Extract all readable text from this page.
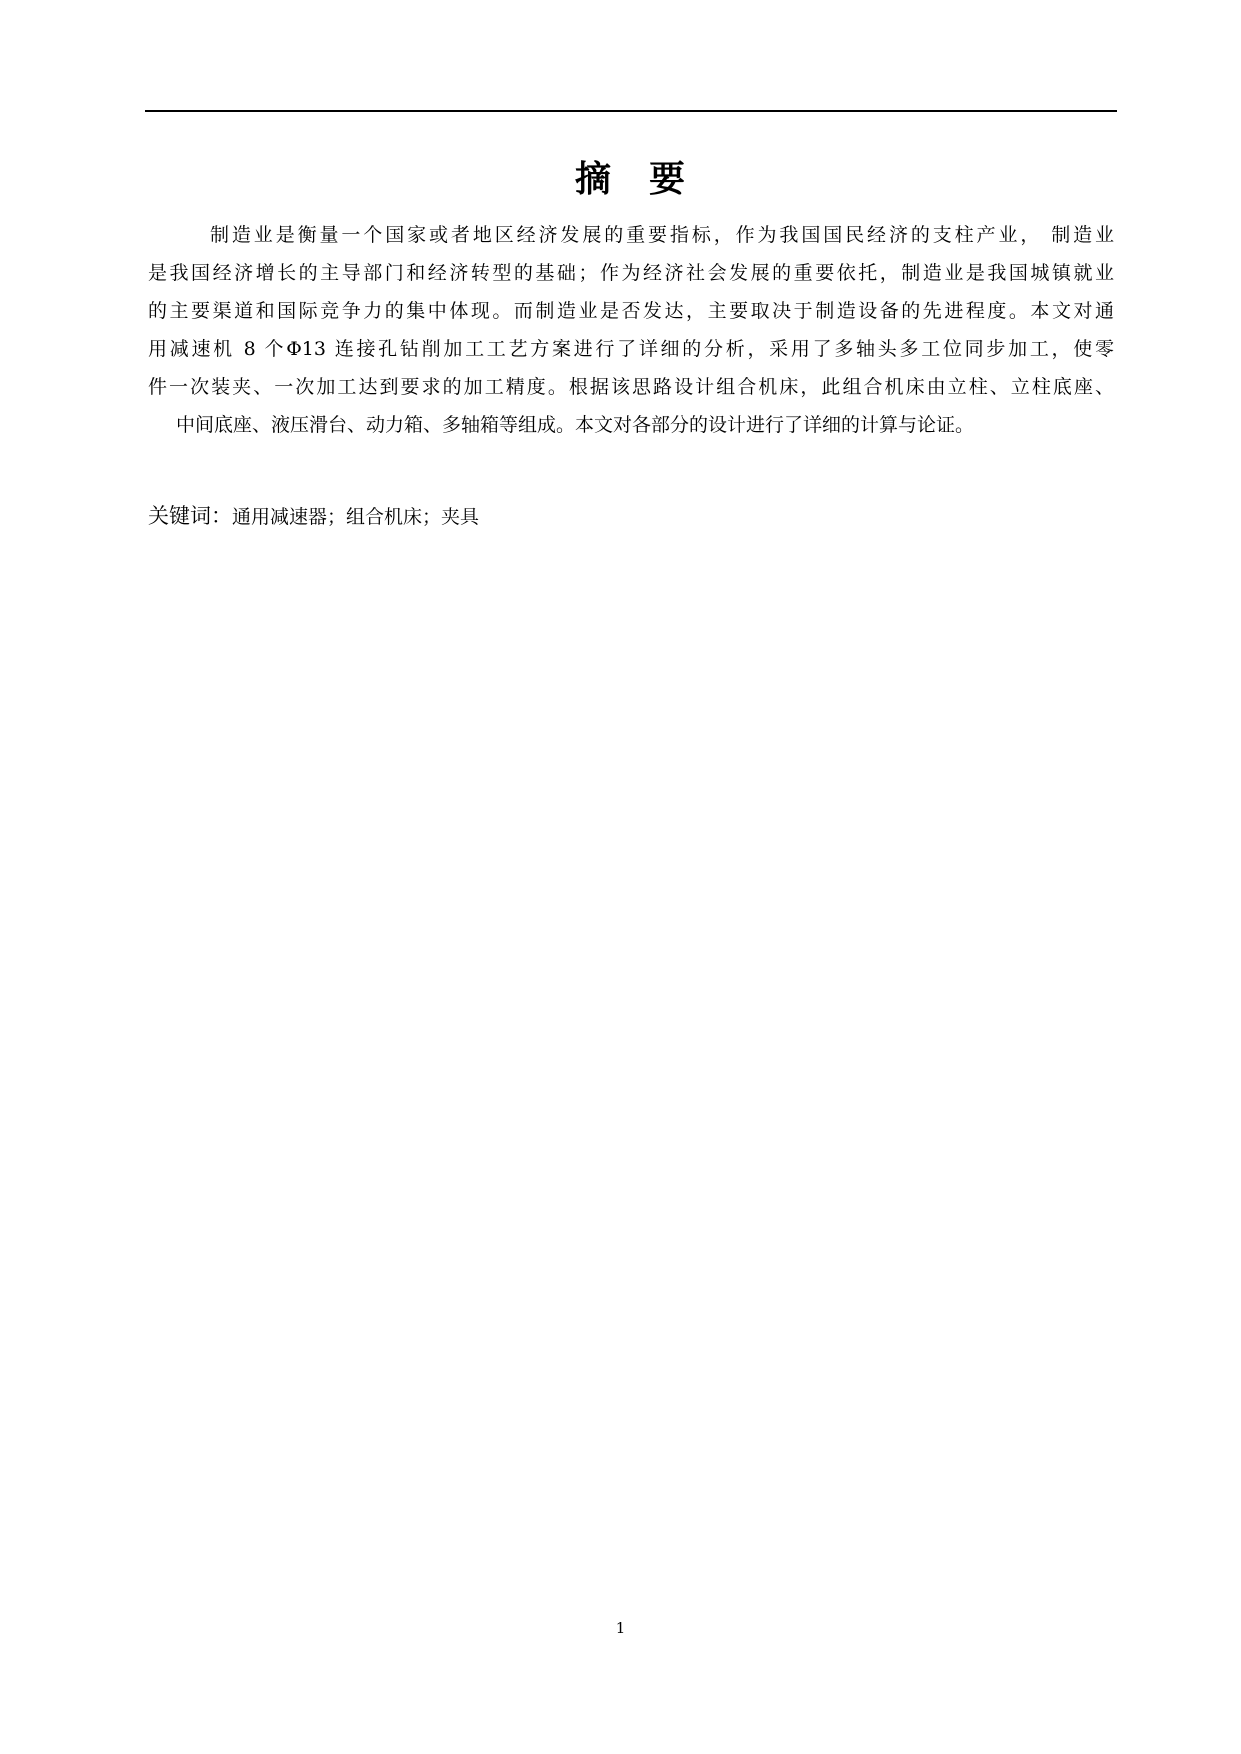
摘 要
制造业是衡量一个国家或者地区经济发展的重要指标，作为我国国民经济的支柱产业， 制造业
是我国经济增长的主导部门和经济转型的基础；作为经济社会发展的重要依托，制造业是我国城镇就业
的主要渠道和国际竞争力的集中体现。而制造业是否发达，主要取决于制造设备的先进程度。本文对通
用减速机 8 个Φ13 连接孔钻削加工工艺方案进行了详细的分析，采用了多轴头多工位同步加工，使零
件一次装夹、一次加工达到要求的加工精度。根据该思路设计组合机床，此组合机床由立柱、立柱底座、
中间底座、液压滑台、动力箱、多轴箱等组成。本文对各部分的设计进行了详细的计算与论证。
关键词：通用减速器；组合机床；夹具
1
